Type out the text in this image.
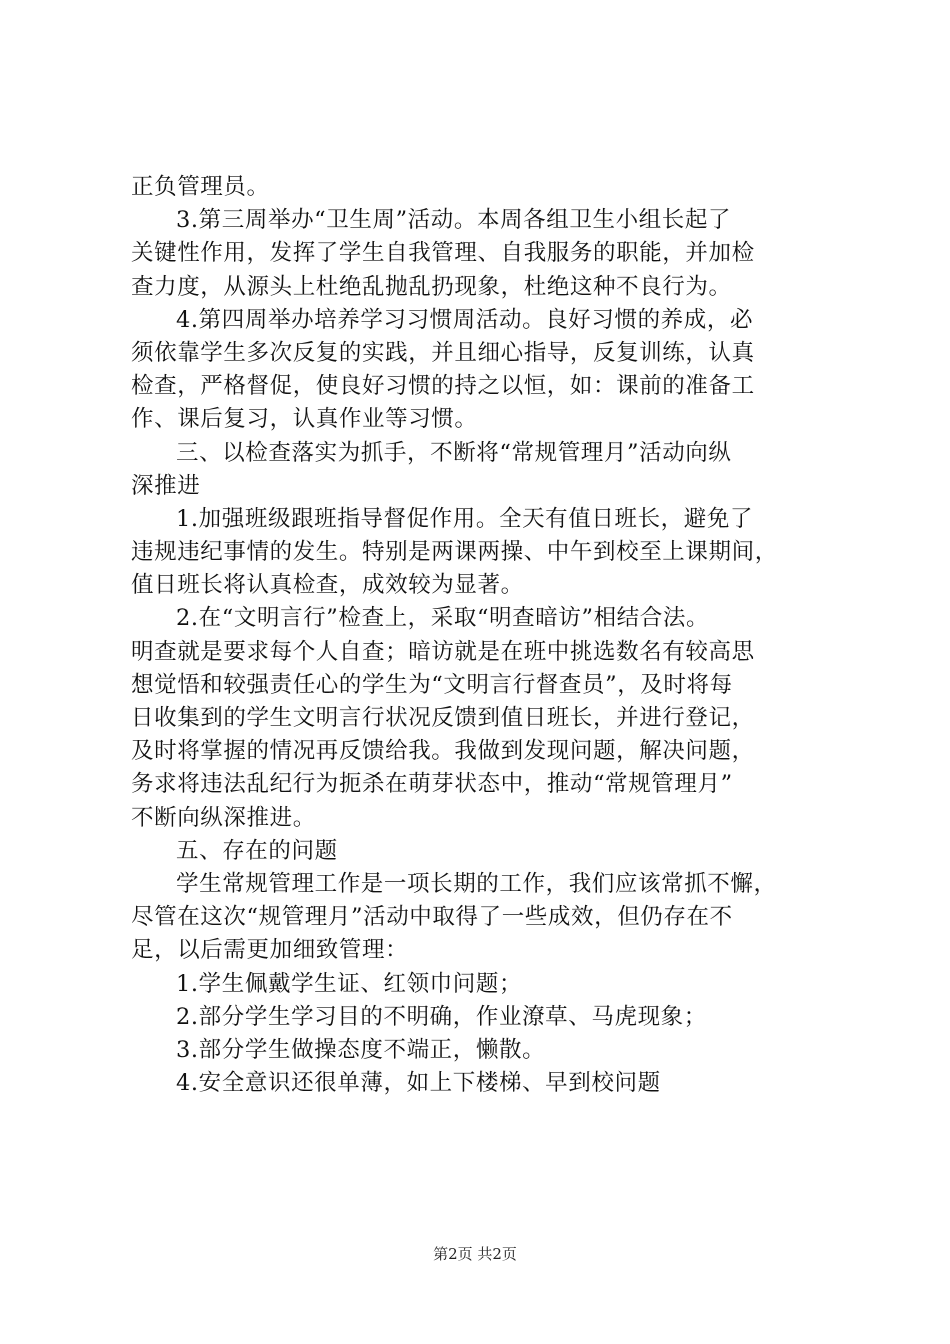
正负管理员。
3.第三周举办“卫生周”活动。本周各组卫生小组长起了
关键性作用，发挥了学生自我管理、自我服务的职能，并加检
查力度，从源头上杜绝乱抛乱扔现象，杜绝这种不良行为。
4.第四周举办培养学习习惯周活动。良好习惯的养成，必
须依靠学生多次反复的实践，并且细心指导，反复训练，认真
检查，严格督促，使良好习惯的持之以恒，如：课前的准备工
作、课后复习，认真作业等习惯。
三、以检查落实为抓手，不断将“常规管理月”活动向纵
深推进
1.加强班级跟班指导督促作用。全天有值日班长，避免了
违规违纪事情的发生。特别是两课两操、中午到校至上课期间，
值日班长将认真检查，成效较为显著。
2.在“文明言行”检查上，采取“明查暗访”相结合法。
明查就是要求每个人自查；暗访就是在班中挑选数名有较高思
想觉悟和较强责任心的学生为“文明言行督查员”，及时将每
日收集到的学生文明言行状况反馈到值日班长，并进行登记，
及时将掌握的情况再反馈给我。我做到发现问题，解决问题，
务求将违法乱纪行为扼杀在萌芽状态中，推动“常规管理月”
不断向纵深推进。
五、存在的问题
学生常规管理工作是一项长期的工作，我们应该常抓不懈，
尽管在这次“规管理月”活动中取得了一些成效，但仍存在不
足，以后需更加细致管理：
1.学生佩戴学生证、红领巾问题；
2.部分学生学习目的不明确，作业潦草、马虎现象；
3.部分学生做操态度不端正，懒散。
4.安全意识还很单薄，如上下楼梯、早到校问题
第2页 共2页
